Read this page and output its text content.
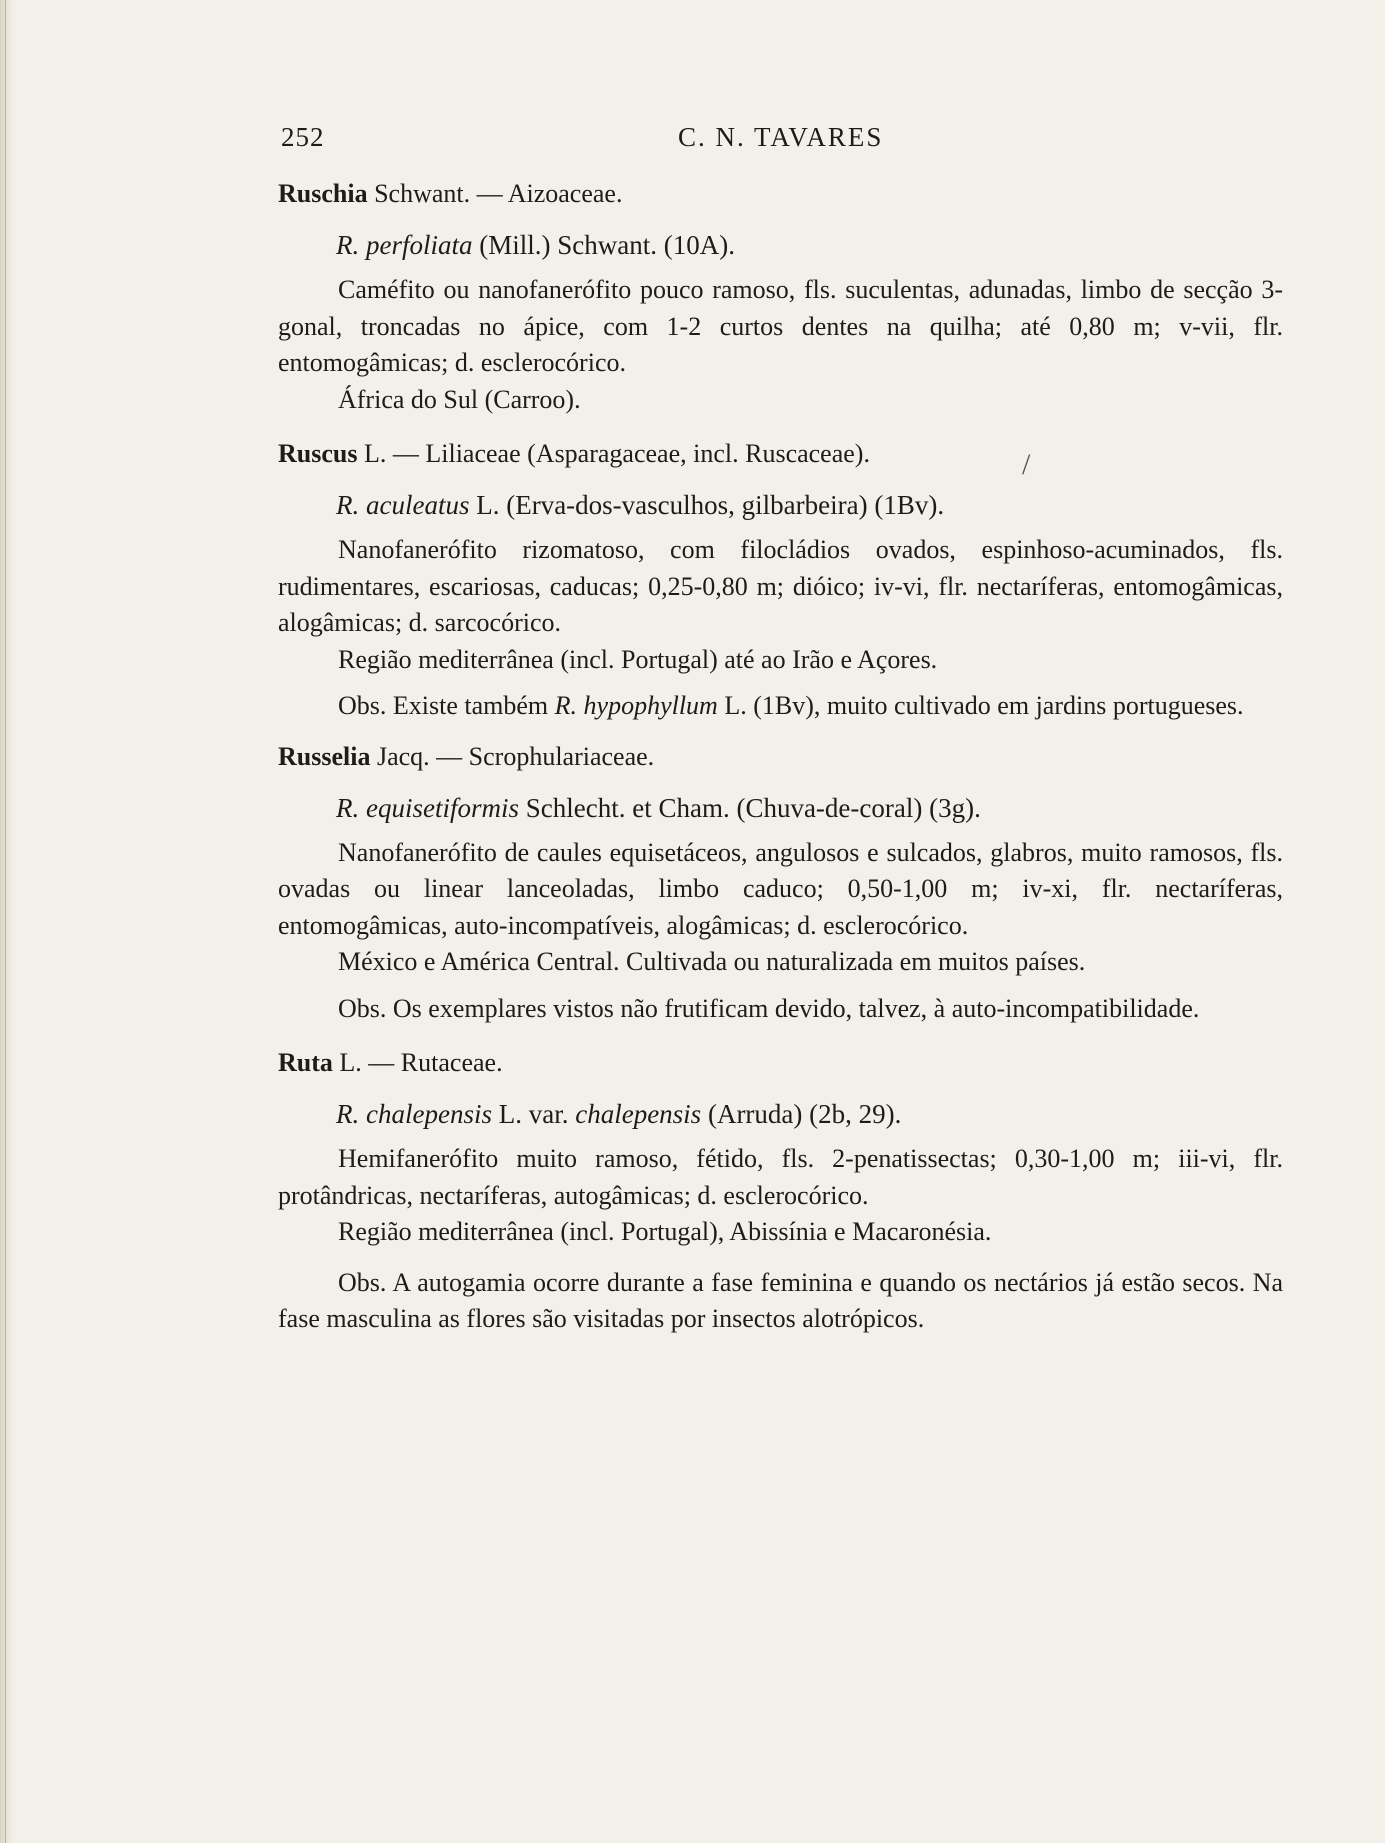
252	C. N. TAVARES

Ruschia Schwant. — Aizoaceae.

R. perfoliata (Mill.) Schwant. (10A).

Caméfito ou nanofanerófito pouco ramoso, fls. suculentas, adunadas, limbo de secção 3-gonal, troncadas no ápice, com 1-2 curtos dentes na quilha; até 0,80 m; v-vii, flr. entomogâmicas; d. esclerocórico.

África do Sul (Carroo).

Ruscus L. — Liliaceae (Asparagaceae, incl. Ruscaceae).

R. aculeatus L. (Erva-dos-vasculhos, gilbarbeira) (1Bv).

Nanofanerófito rizomatoso, com filocládios ovados, espinhoso-acuminados, fls. rudimentares, escariosas, caducas; 0,25-0,80 m; dióico; iv-vi, flr. nectaríferas, entomogâmicas, alogâmicas; d. sarcocórico.

Região mediterrânea (incl. Portugal) até ao Irão e Açores.

Obs. Existe também R. hypophyllum L. (1Bv), muito cultivado em jardins portugueses.

Russelia Jacq. — Scrophulariaceae.

R. equisetiformis Schlecht. et Cham. (Chuva-de-coral) (3g).

Nanofanerófito de caules equisetáceos, angulosos e sulcados, glabros, muito ramosos, fls. ovadas ou linear lanceoladas, limbo caduco; 0,50-1,00 m; iv-xi, flr. nectaríferas, entomogâmicas, auto-incompatíveis, alogâmicas; d. esclerocórico.

México e América Central. Cultivada ou naturalizada em muitos países.

Obs. Os exemplares vistos não frutificam devido, talvez, à auto-incompatibilidade.

Ruta L. — Rutaceae.

R. chalepensis L. var. chalepensis (Arruda) (2b, 29).

Hemifanerófito muito ramoso, fétido, fls. 2-penatissectas; 0,30-1,00 m; iii-vi, flr. protândricas, nectaríferas, autogâmicas; d. esclerocórico.

Região mediterrânea (incl. Portugal), Abissínia e Macaronésia.

Obs. A autogamia ocorre durante a fase feminina e quando os nectários já estão secos. Na fase masculina as flores são visitadas por insectos alotrópicos.

/
